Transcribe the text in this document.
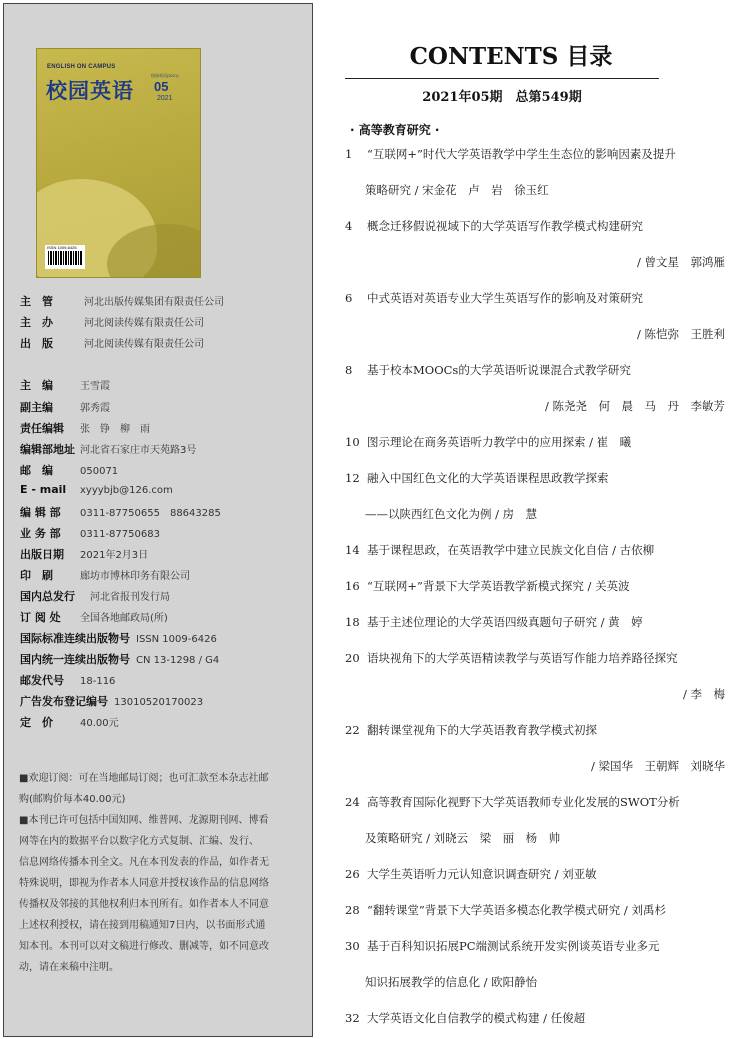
ENGLISH ON CAMPUS
校园英语
校园英语(2021)
05
2021
ISSN 1009-6426
主　管	河北出版传媒集团有限责任公司
主　办	河北阅读传媒有限责任公司
出　版	河北阅读传媒有限责任公司
主　编	王雪霞
副主编	郭秀霞
责任编辑 张　铮　柳　雨
编辑部地址 河北省石家庄市天苑路3号
邮　编	050071
E - mail xyyybjb@126.com
编 辑 部 0311-87750655　88643285
业 务 部 0311-87750683
出版日期 2021年2月3日
印　刷	廊坊市博林印务有限公司
国内总发行 河北省报刊发行局
订 阅 处 全国各地邮政局(所)
国际标准连续出版物号 ISSN 1009-6426
国内统一连续出版物号 CN 13-1298 / G4
邮发代号 18-116
广告发布登记编号 13010520170023
定　价	40.00元

■欢迎订阅：可在当地邮局订阅；也可汇款至本杂志社邮

购(邮购价每本40.00元)

■本刊已许可包括中国知网、维普网、龙源期刊网、博看

网等在内的数据平台以数字化方式复制、汇编、发行、

信息网络传播本刊全文。凡在本刊发表的作品，如作者无

特殊说明，即视为作者本人同意并授权该作品的信息网络

传播权及邻接的其他权利归本刊所有。如作者本人不同意

上述权利授权，请在接到用稿通知7日内，以书面形式通

知本刊。本刊可以对文稿进行修改、删减等，如不同意改

动，请在来稿中注明。

CONTENTS 目录
2021年05期　总第549期
· 高等教育研究 ·
1 “互联网+”时代大学英语教学中学生生态位的影响因素及提升
策略研究 / 宋金花　卢　岩　徐玉红
4 概念迁移假说视域下的大学英语写作教学模式构建研究
/ 曾文星　郭鸿雁
6 中式英语对英语专业大学生英语写作的影响及对策研究
/ 陈恺弥　王胜利
8 基于校本MOOCs的大学英语听说课混合式教学研究
/ 陈尧尧　何　晨　马　丹　李敏芳
10 图示理论在商务英语听力教学中的应用探索 / 崔　曦
12 融入中国红色文化的大学英语课程思政教学探索
——以陕西红色文化为例 / 房　慧
14 基于课程思政，在英语教学中建立民族文化自信 / 古依柳
16 “互联网+”背景下大学英语教学新模式探究 / 关英波
18 基于主述位理论的大学英语四级真题句子研究 / 黄　婷
20 语块视角下的大学英语精读教学与英语写作能力培养路径探究
/ 李　梅
22 翻转课堂视角下的大学英语教育教学模式初探
/ 梁国华　王朝辉　刘晓华
24 高等教育国际化视野下大学英语教师专业化发展的SWOT分析
及策略研究 / 刘晓云　梁　丽　杨　帅
26 大学生英语听力元认知意识调查研究 / 刘亚敏
28 “翻转课堂”背景下大学英语多模态化教学模式研究 / 刘禹杉
30 基于百科知识拓展PC端测试系统开发实例谈英语专业多元
知识拓展教学的信息化 / 欧阳静怡
32 大学英语文化自信教学的模式构建 / 任俊超
